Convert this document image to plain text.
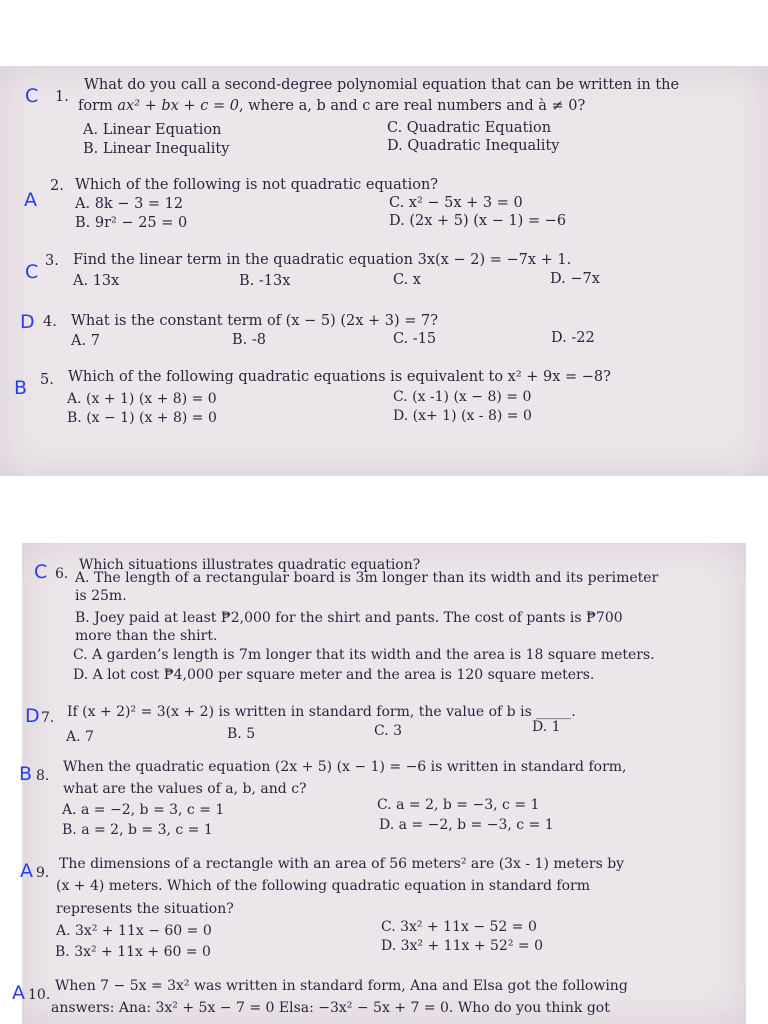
C 1.
What do you call a second-degree polynomial equation that can be written in the
form ax² + bx + c = 0, where a, b and c are real numbers and à ≠ 0?
A. Linear Equation	C. Quadratic Equation
B. Linear Inequality	D. Quadratic Inequality
A
2. Which of the following is not quadratic equation?
A. 8k − 3 = 12	C. x² − 5x + 3 = 0
B. 9r² − 25 = 0	D. (2x + 5) (x − 1) = −6
C 3. Find the linear term in the quadratic equation 3x(x − 2) = −7x + 1.
A. 13x	B. -13x	C. x	D. −7x
D 4. What is the constant term of (x − 5) (2x + 3) = 7?
A. 7	B. -8	C. -15	D. -22
B 5. Which of the following quadratic equations is equivalent to x² + 9x = −8?
A. (x + 1) (x + 8) = 0	C. (x -1) (x − 8) = 0
B. (x − 1) (x + 8) = 0	D. (x+ 1) (x - 8) = 0
C 6.
Which situations illustrates quadratic equation?
A. The length of a rectangular board is 3m longer than its width and its perimeter
is 25m.
B. Joey paid at least ₱2,000 for the shirt and pants. The cost of pants is ₱700
more than the shirt.
C. A garden’s length is 7m longer that its width and the area is 18 square meters.
D. A lot cost ₱4,000 per square meter and the area is 120 square meters.
D 7. If (x + 2)² = 3(x + 2) is written in standard form, the value of b is _____.
A. 7	B. 5	C. 3	D. 1
B 8.
When the quadratic equation (2x + 5) (x − 1) = −6 is written in standard form,
what are the values of a, b, and c?
A. a = −2, b = 3, c = 1	C. a = 2, b = −3, c = 1
B. a = 2, b = 3, c = 1	D. a = −2, b = −3, c = 1
A 9.
The dimensions of a rectangle with an area of 56 meters² are (3x - 1) meters by
(x + 4) meters. Which of the following quadratic equation in standard form
represents the situation?
A. 3x² + 11x − 60 = 0	C. 3x² + 11x − 52 = 0
B. 3x² + 11x + 60 = 0	D. 3x² + 11x + 52² = 0
A 10.
When 7 − 5x = 3x² was written in standard form, Ana and Elsa got the following
answers: Ana: 3x² + 5x − 7 = 0 Elsa: −3x² − 5x + 7 = 0. Who do you think got
